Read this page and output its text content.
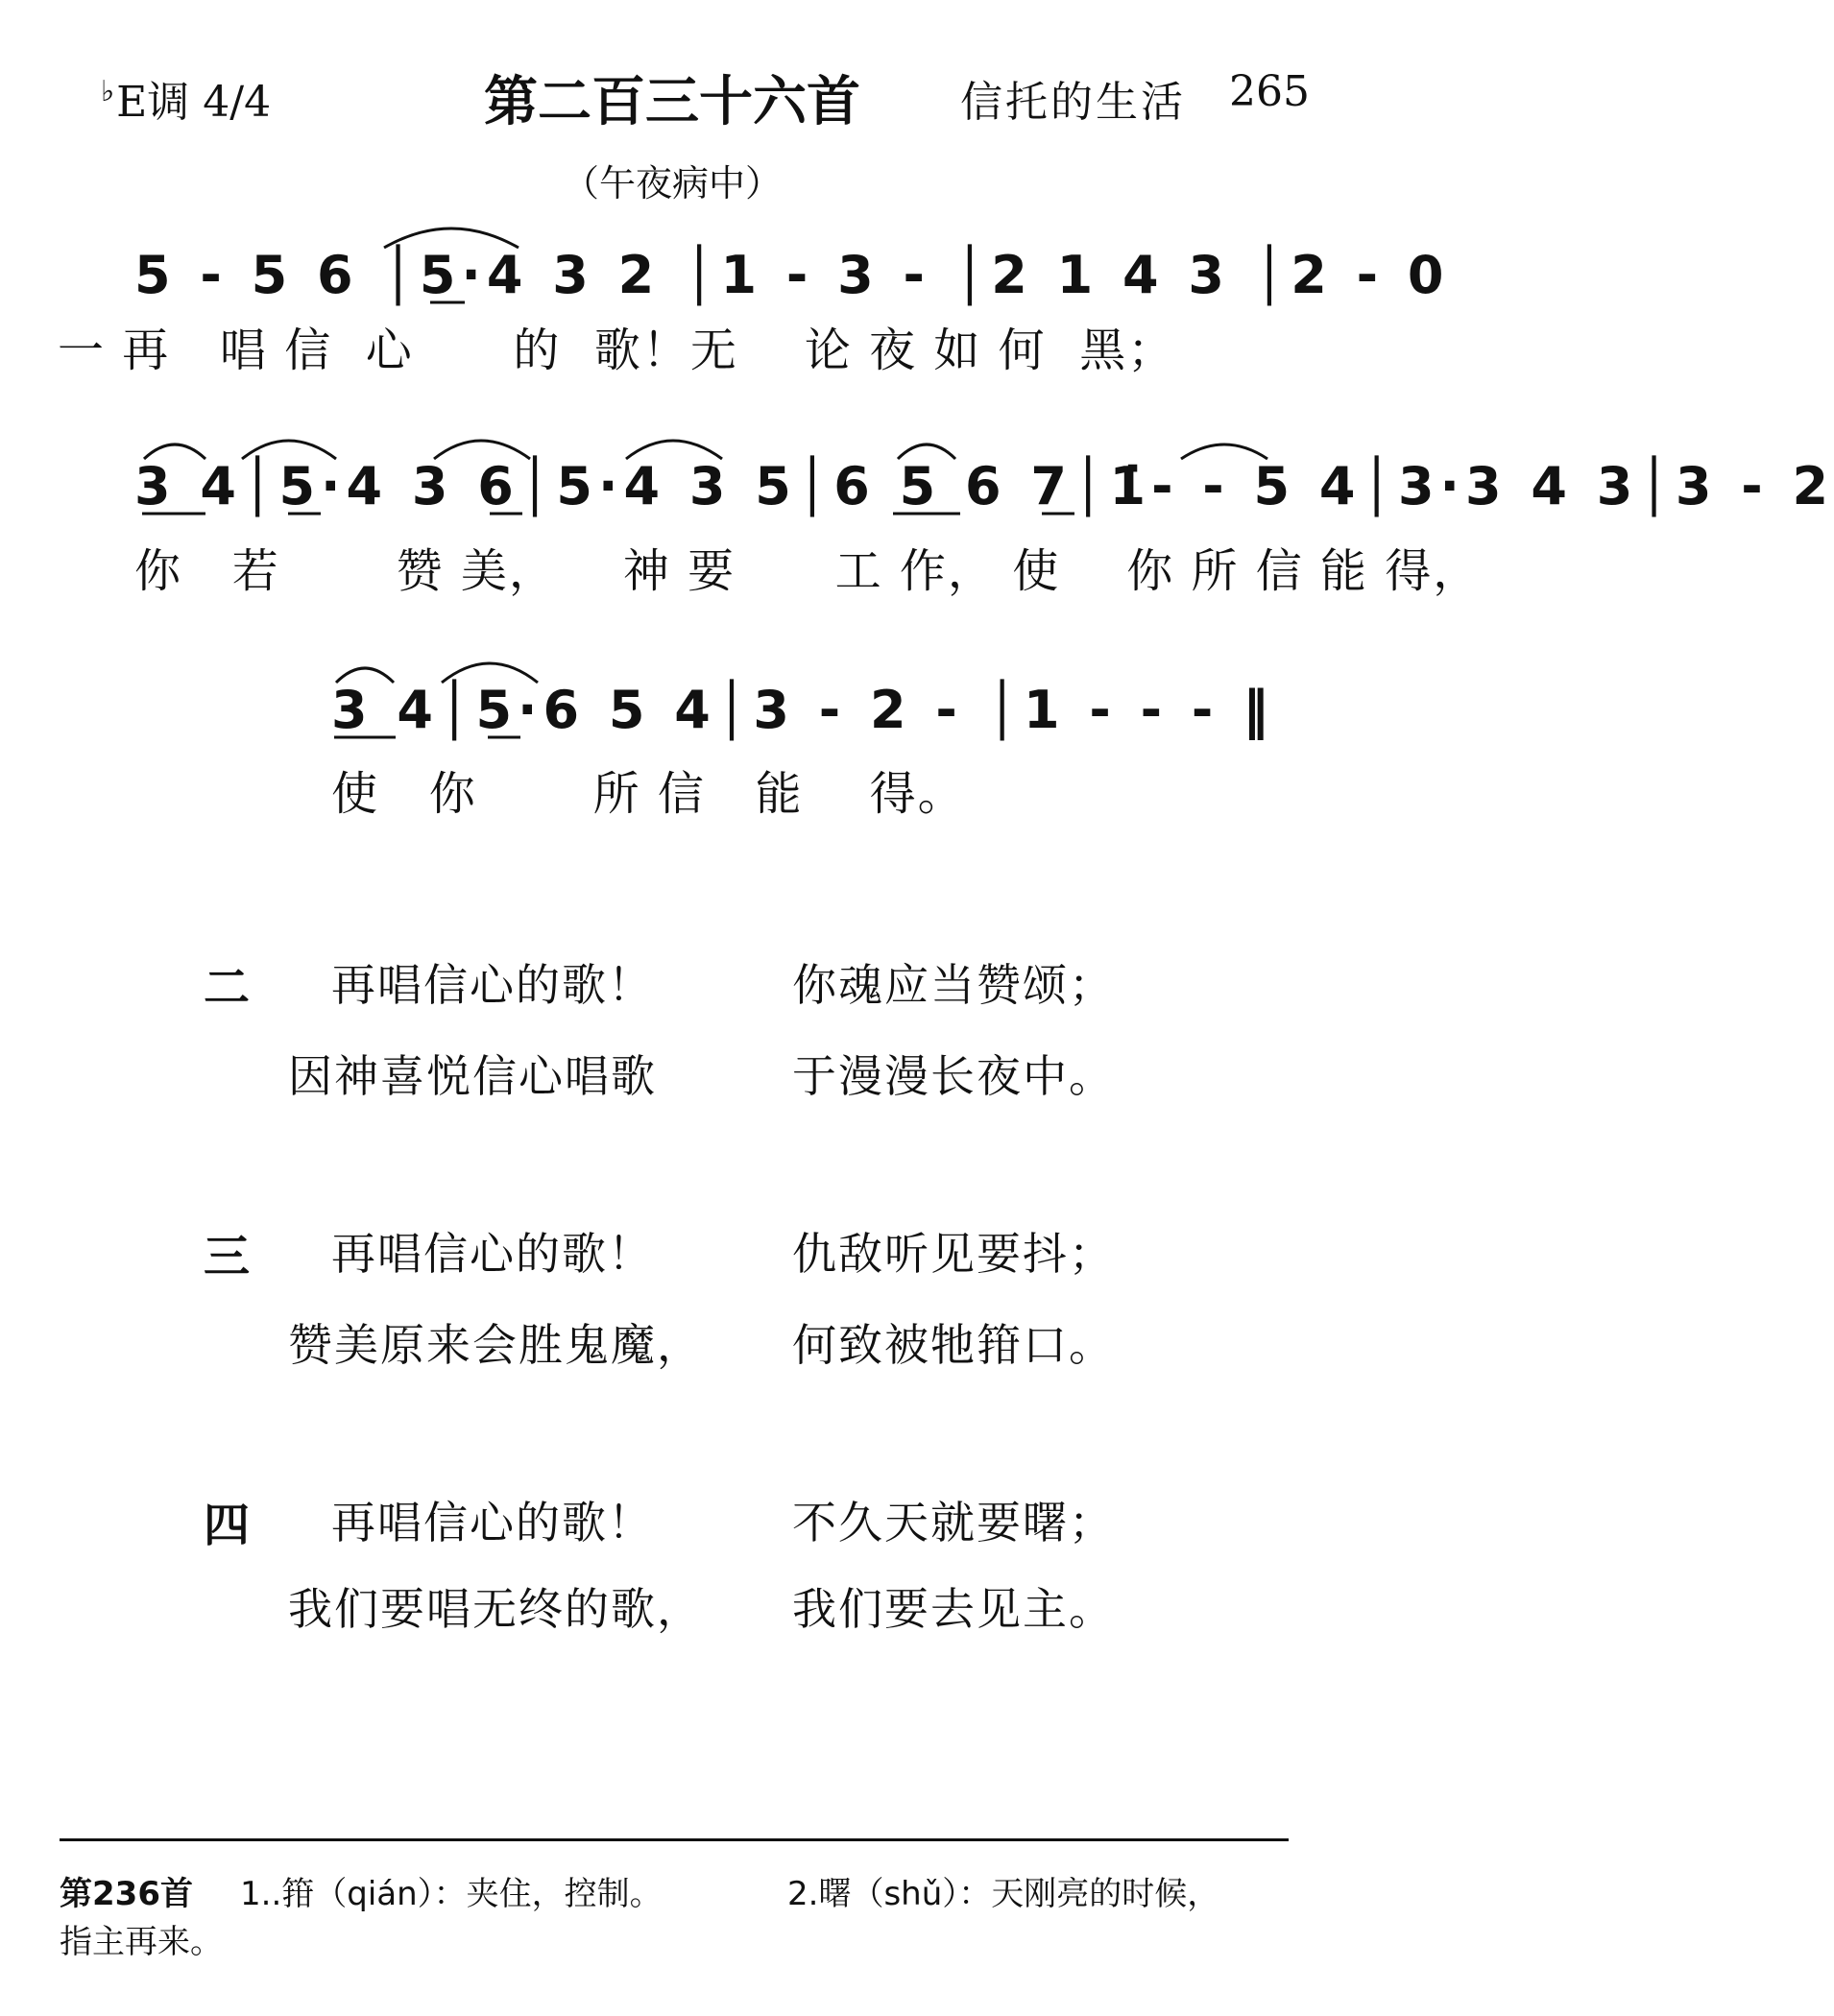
♭E调 4/4	第二百三十六首	信托的生活 265
（午夜病中）
5 - 5 6 │5·4 3 2 │1 - 3 - │2 1 4 3 │2 - 0
一 再   唱 信  心      的  歌！无    论 夜 如 何  黑；
3 4│5·4 3 6│5·4 3 5│6 5 6 7│1̇- - 5 4│3·3 4 3│3 - 2
你   若       赞 美，    神 要      工 作， 使    你 所 信 能 得，
3 4│5·6 5 4│3 - 2 - │1 - - - ‖
使   你       所 信   能    得。
二 再唱信心的歌！	你魂应当赞颂；
因神喜悦信心唱歌	于漫漫长夜中。
三 再唱信心的歌！	仇敌听见要抖；
赞美原来会胜鬼魔， 何致被牠箝口。
四 再唱信心的歌！	不久天就要曙；
我们要唱无终的歌， 我们要去见主。
第236首 1..箝（qián）：夹住，控制。	2.曙（shǔ）：天刚亮的时候，
指主再来。
